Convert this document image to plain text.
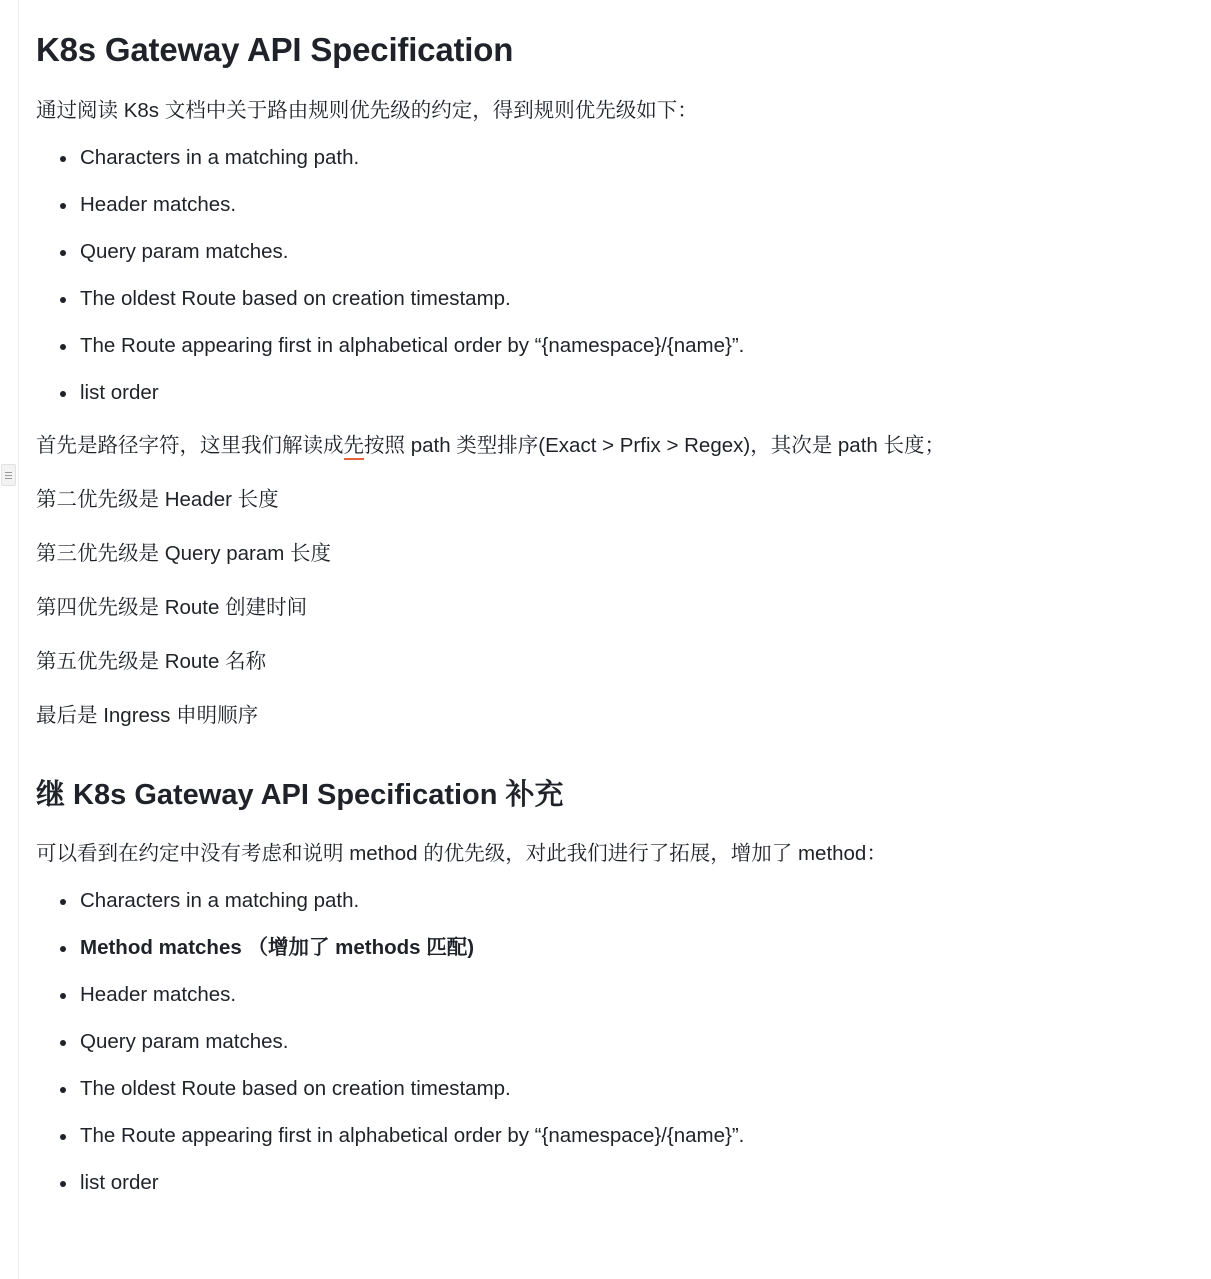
K8s Gateway API Specification

通过阅读 K8s 文档中关于路由规则优先级的约定，得到规则优先级如下：

Characters in a matching path.
Header matches.
Query param matches.
The oldest Route based on creation timestamp.
The Route appearing first in alphabetical order by “{namespace}/{name}”.
list order

首先是路径字符，这里我们解读成先按照 path 类型排序(Exact > Prfix > Regex)，其次是 path 长度；

第二优先级是 Header 长度

第三优先级是 Query param 长度

第四优先级是 Route 创建时间

第五优先级是 Route 名称

最后是 Ingress 申明顺序

继 K8s Gateway API Specification 补充

可以看到在约定中没有考虑和说明 method 的优先级，对此我们进行了拓展，增加了 method：

Characters in a matching path.
Method matches （增加了 methods 匹配)
Header matches.
Query param matches.
The oldest Route based on creation timestamp.
The Route appearing first in alphabetical order by “{namespace}/{name}”.
list order
